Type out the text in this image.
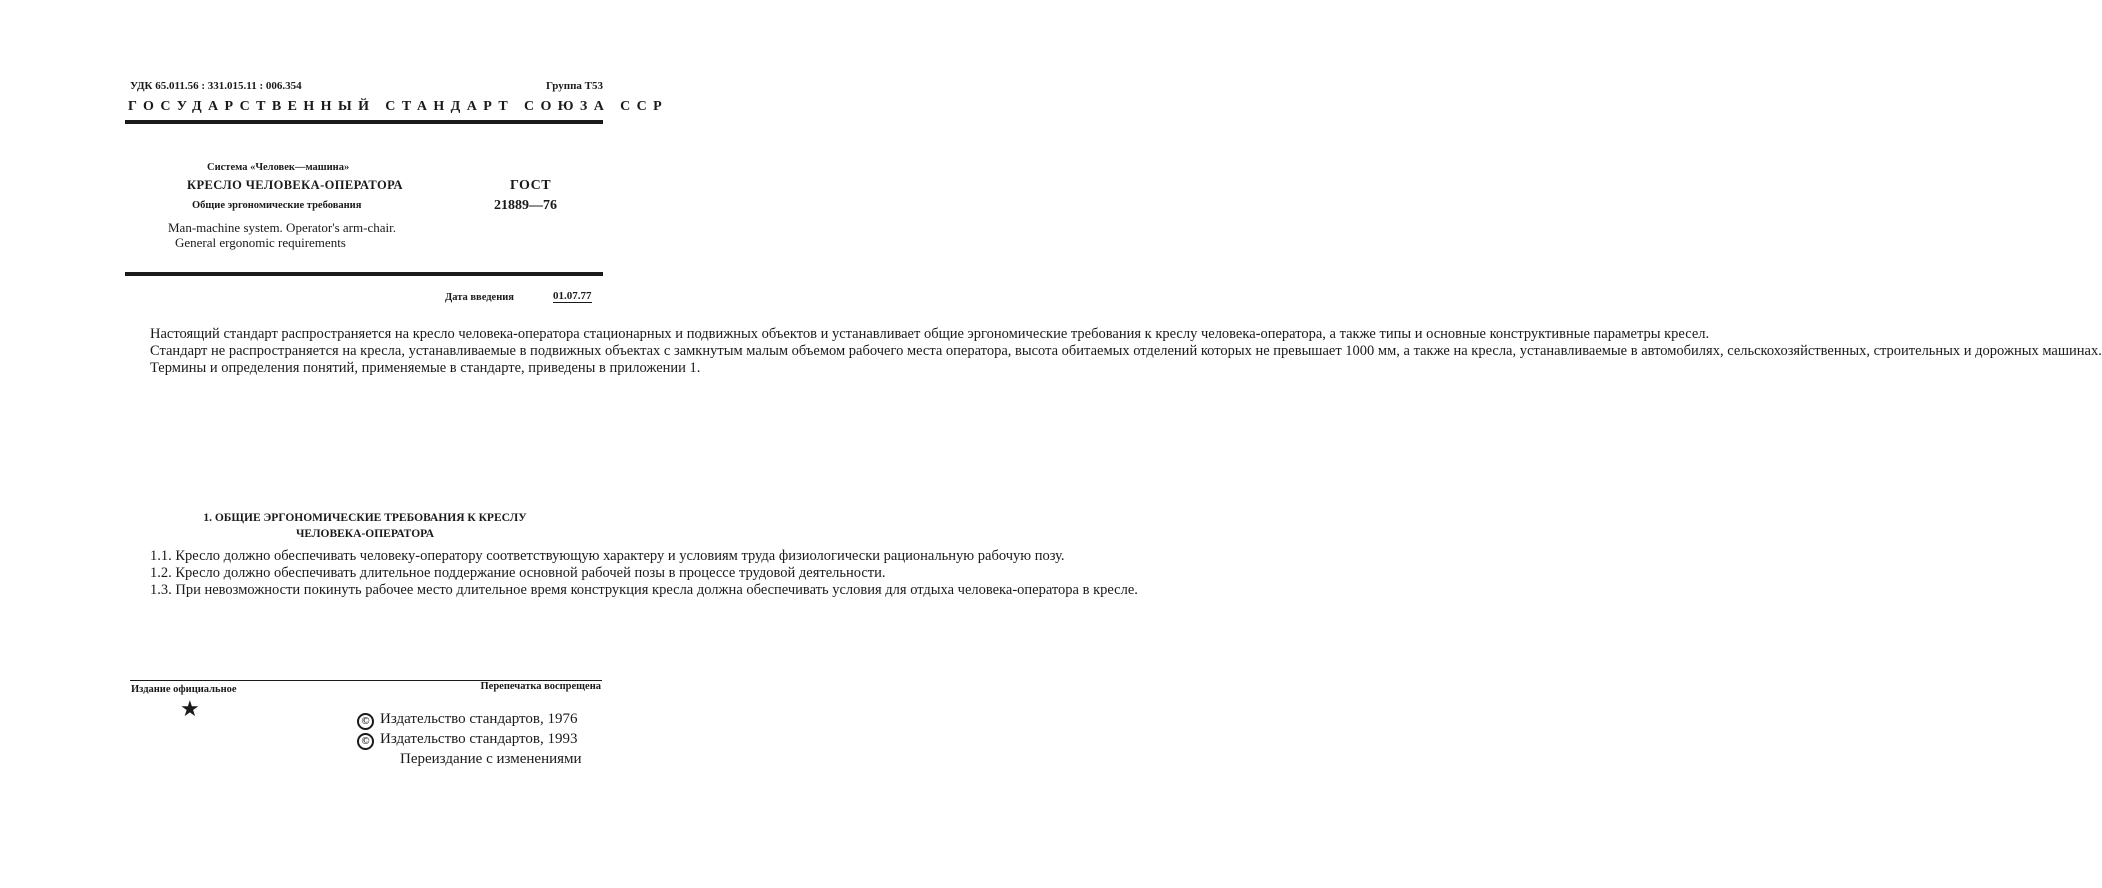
УДК 65.011.56 : 331.015.11 : 006.354	Группа Т53
ГОСУДАРСТВЕННЫЙ СТАНДАРТ СОЮЗА ССР
Система «Человек—машина»
КРЕСЛО ЧЕЛОВЕКА-ОПЕРАТОРА
Общие эргономические требования
Man-machine system. Operator's arm-chair.
General ergonomic requirements
ГОСТ
21889—76
Дата введения	01.07.77
Настоящий стандарт распространяется на кресло человека-оператора стационарных и подвижных объектов и устанавливает общие эргономические требования к креслу человека-оператора, а также типы и основные конструктивные параметры кресел.
Стандарт не распространяется на кресла, устанавливаемые в подвижных объектах с замкнутым малым объемом рабочего места оператора, высота обитаемых отделений которых не превышает 1000 мм, а также на кресла, устанавливаемые в автомобилях, сельскохозяйственных, строительных и дорожных машинах.
Термины и определения понятий, применяемые в стандарте, приведены в приложении 1.
1. ОБЩИЕ ЭРГОНОМИЧЕСКИЕ ТРЕБОВАНИЯ К КРЕСЛУ
ЧЕЛОВЕКА-ОПЕРАТОРА
1.1. Кресло должно обеспечивать человеку-оператору соответствующую характеру и условиям труда физиологически рациональную рабочую позу.
1.2. Кресло должно обеспечивать длительное поддержание основной рабочей позы в процессе трудовой деятельности.
1.3. При невозможности покинуть рабочее место длительное время конструкция кресла должна обеспечивать условия для отдыха человека-оператора в кресле.
Издание официальное	Перепечатка воспрещена
★	© Издательство стандартов, 1976
© Издательство стандартов, 1993
Переиздание с изменениями
